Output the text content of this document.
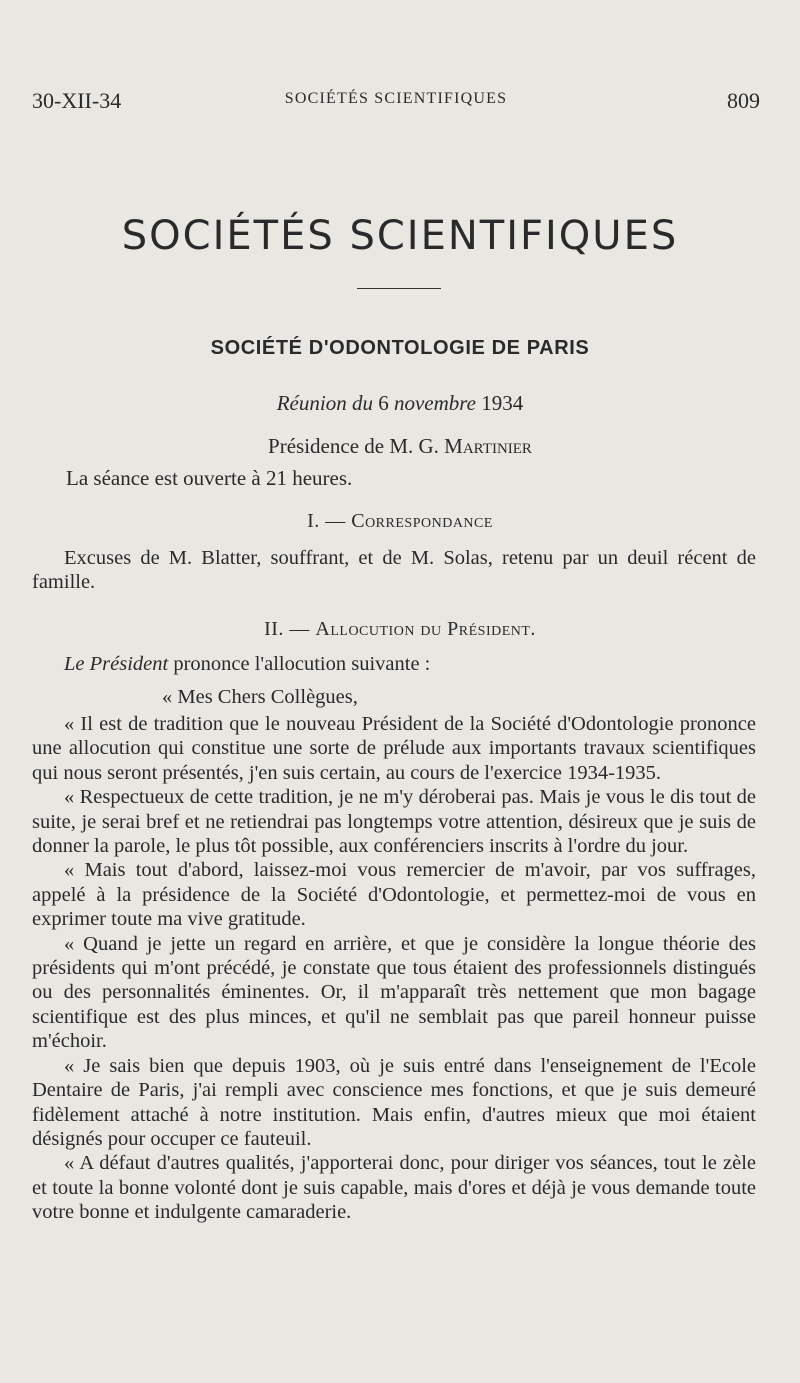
30-XII-34	SOCIÉTÉS SCIENTIFIQUES	809
SOCIÉTÉS SCIENTIFIQUES
SOCIÉTÉ D'ODONTOLOGIE DE PARIS
Réunion du 6 novembre 1934
Présidence de M. G. Martinier
La séance est ouverte à 21 heures.
I. — Correspondance

Excuses de M. Blatter, souffrant, et de M. Solas, retenu par un deuil récent de famille.

II. — Allocution du Président.

Le Président prononce l'allocution suivante :

« Mes Chers Collègues,

« Il est de tradition que le nouveau Président de la Société d'Odontologie prononce une allocution qui constitue une sorte de prélude aux importants travaux scientifiques qui nous seront présentés, j'en suis certain, au cours de l'exercice 1934-1935.

« Respectueux de cette tradition, je ne m'y déroberai pas. Mais je vous le dis tout de suite, je serai bref et ne retiendrai pas longtemps votre attention, désireux que je suis de donner la parole, le plus tôt possible, aux conférenciers inscrits à l'ordre du jour.

« Mais tout d'abord, laissez-moi vous remercier de m'avoir, par vos suffrages, appelé à la présidence de la Société d'Odontologie, et permettez-moi de vous en exprimer toute ma vive gratitude.

« Quand je jette un regard en arrière, et que je considère la longue théorie des présidents qui m'ont précédé, je constate que tous étaient des professionnels distingués ou des personnalités éminentes. Or, il m'apparaît très nettement que mon bagage scientifique est des plus minces, et qu'il ne semblait pas que pareil honneur puisse m'échoir.

« Je sais bien que depuis 1903, où je suis entré dans l'enseignement de l'Ecole Dentaire de Paris, j'ai rempli avec conscience mes fonctions, et que je suis demeuré fidèlement attaché à notre institution. Mais enfin, d'autres mieux que moi étaient désignés pour occuper ce fauteuil.

« A défaut d'autres qualités, j'apporterai donc, pour diriger vos séances, tout le zèle et toute la bonne volonté dont je suis capable, mais d'ores et déjà je vous demande toute votre bonne et indulgente camaraderie.
